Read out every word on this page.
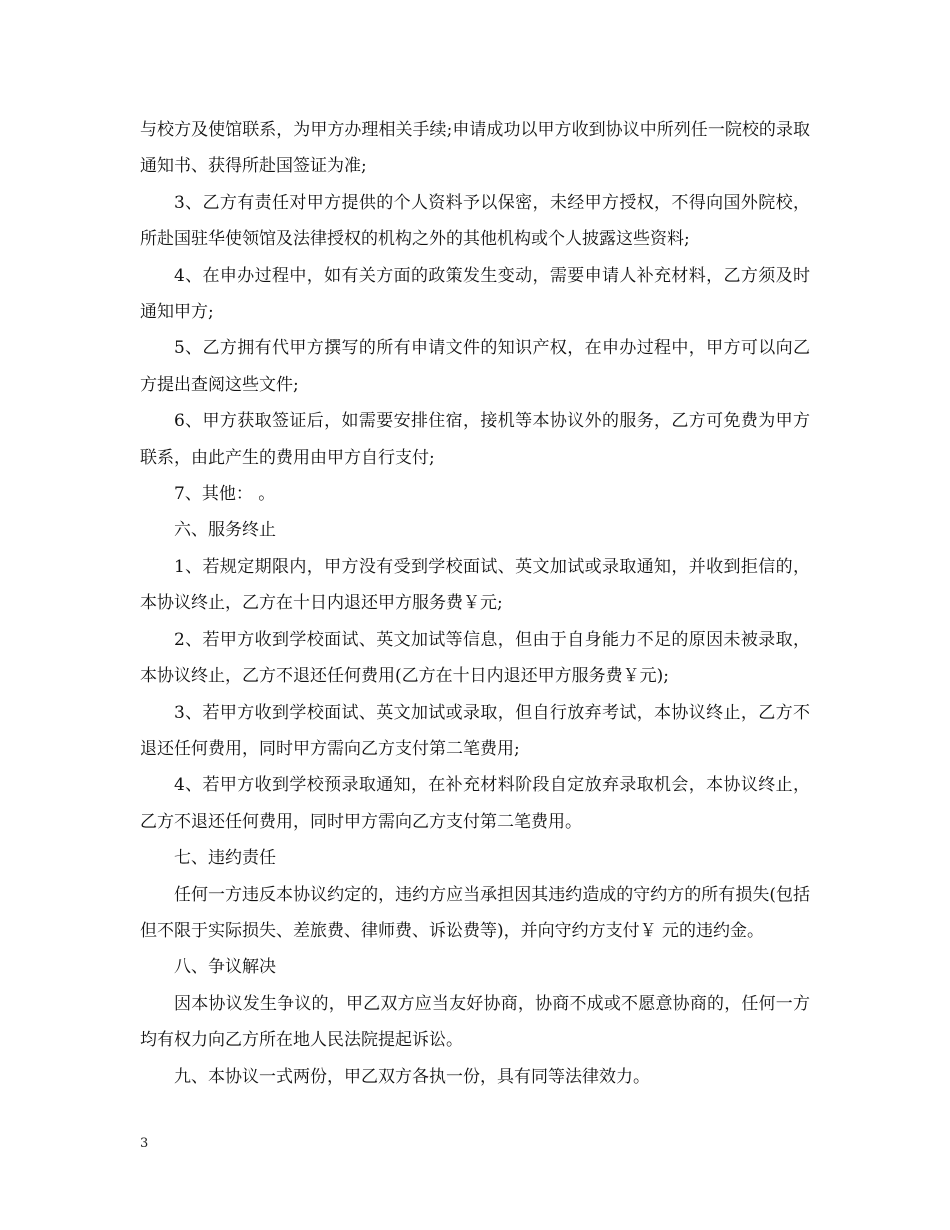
与校方及使馆联系，为甲方办理相关手续;申请成功以甲方收到协议中所列任一院校的录取通知书、获得所赴国签证为准;

3、乙方有责任对甲方提供的个人资料予以保密，未经甲方授权，不得向国外院校，所赴国驻华使领馆及法律授权的机构之外的其他机构或个人披露这些资料;

4、在申办过程中，如有关方面的政策发生变动，需要申请人补充材料，乙方须及时通知甲方;

5、乙方拥有代甲方撰写的所有申请文件的知识产权，在申办过程中，甲方可以向乙方提出查阅这些文件;

6、甲方获取签证后，如需要安排住宿，接机等本协议外的服务，乙方可免费为甲方联系，由此产生的费用由甲方自行支付;

7、其他： 。

六、服务终止

1、若规定期限内，甲方没有受到学校面试、英文加试或录取通知，并收到拒信的，本协议终止，乙方在十日内退还甲方服务费￥元;

2、若甲方收到学校面试、英文加试等信息，但由于自身能力不足的原因未被录取，本协议终止，乙方不退还任何费用(乙方在十日内退还甲方服务费￥元);

3、若甲方收到学校面试、英文加试或录取，但自行放弃考试，本协议终止，乙方不退还任何费用，同时甲方需向乙方支付第二笔费用;

4、若甲方收到学校预录取通知，在补充材料阶段自定放弃录取机会，本协议终止，乙方不退还任何费用，同时甲方需向乙方支付第二笔费用。

七、违约责任

任何一方违反本协议约定的，违约方应当承担因其违约造成的守约方的所有损失(包括但不限于实际损失、差旅费、律师费、诉讼费等)，并向守约方支付￥ 元的违约金。

八、争议解决

因本协议发生争议的，甲乙双方应当友好协商，协商不成或不愿意协商的，任何一方均有权力向乙方所在地人民法院提起诉讼。

九、本协议一式两份，甲乙双方各执一份，具有同等法律效力。

3
